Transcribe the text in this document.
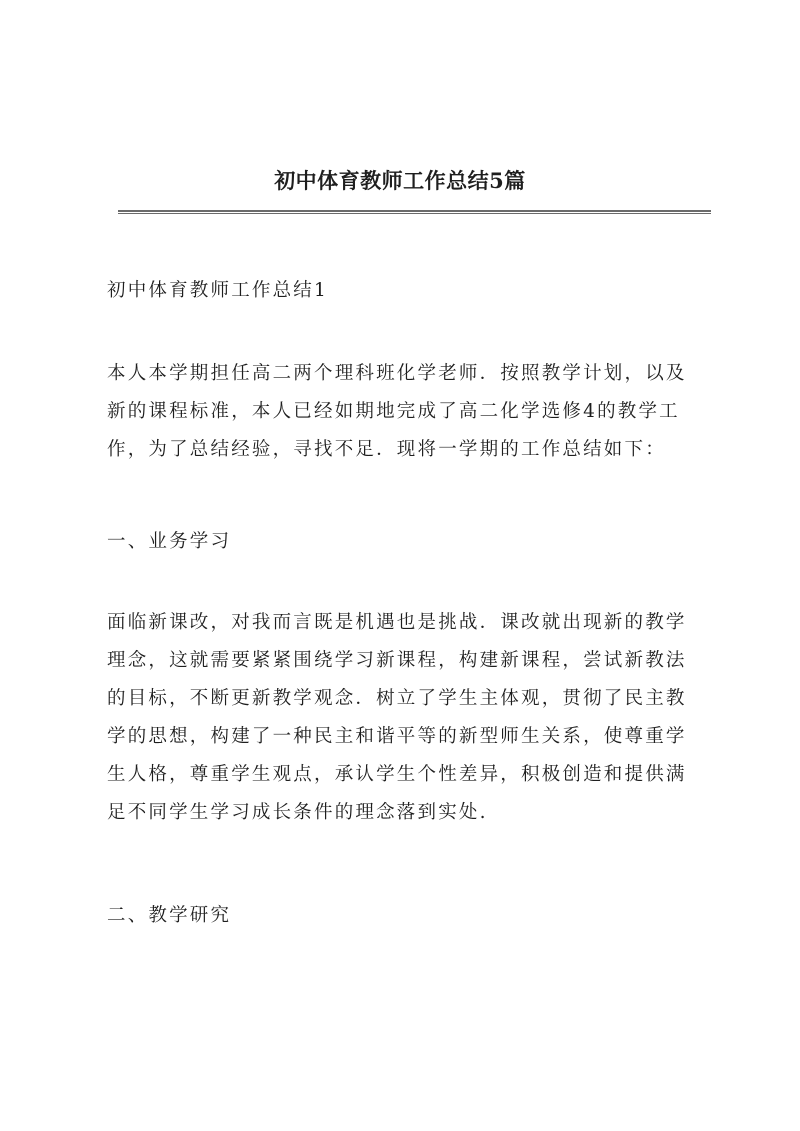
初中体育教师工作总结5篇
初中体育教师工作总结1
本人本学期担任高二两个理科班化学老师．按照教学计划，以及
新的课程标准，本人已经如期地完成了高二化学选修4的教学工
作，为了总结经验，寻找不足．现将一学期的工作总结如下：
一、业务学习
面临新课改，对我而言既是机遇也是挑战．课改就出现新的教学
理念，这就需要紧紧围绕学习新课程，构建新课程，尝试新教法
的目标，不断更新教学观念．树立了学生主体观，贯彻了民主教
学的思想，构建了一种民主和谐平等的新型师生关系，使尊重学
生人格，尊重学生观点，承认学生个性差异，积极创造和提供满
足不同学生学习成长条件的理念落到实处.
二、教学研究
